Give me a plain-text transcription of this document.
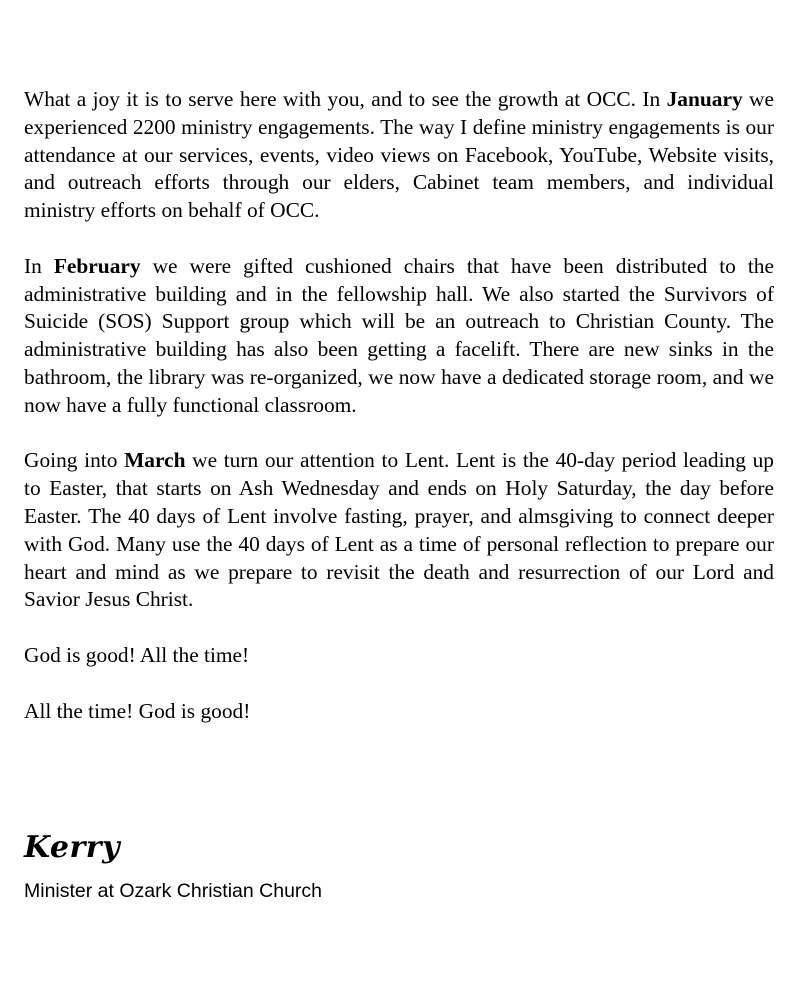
What a joy it is to serve here with you, and to see the growth at OCC. In January we experienced 2200 ministry engagements. The way I define ministry engagements is our attendance at our services, events, video views on Facebook, YouTube, Website visits, and outreach efforts through our elders, Cabinet team members, and individual ministry efforts on behalf of OCC.

In February we were gifted cushioned chairs that have been distributed to the administrative building and in the fellowship hall. We also started the Survivors of Suicide (SOS) Support group which will be an outreach to Christian County. The administrative building has also been getting a facelift. There are new sinks in the bathroom, the library was re-organized, we now have a dedicated storage room, and we now have a fully functional classroom.

Going into March we turn our attention to Lent. Lent is the 40-day period leading up to Easter, that starts on Ash Wednesday and ends on Holy Saturday, the day before Easter. The 40 days of Lent involve fasting, prayer, and almsgiving to connect deeper with God. Many use the 40 days of Lent as a time of personal reflection to prepare our heart and mind as we prepare to revisit the death and resurrection of our Lord and Savior Jesus Christ.

God is good! All the time!

All the time! God is good!

Kerry
Minister at Ozark Christian Church
